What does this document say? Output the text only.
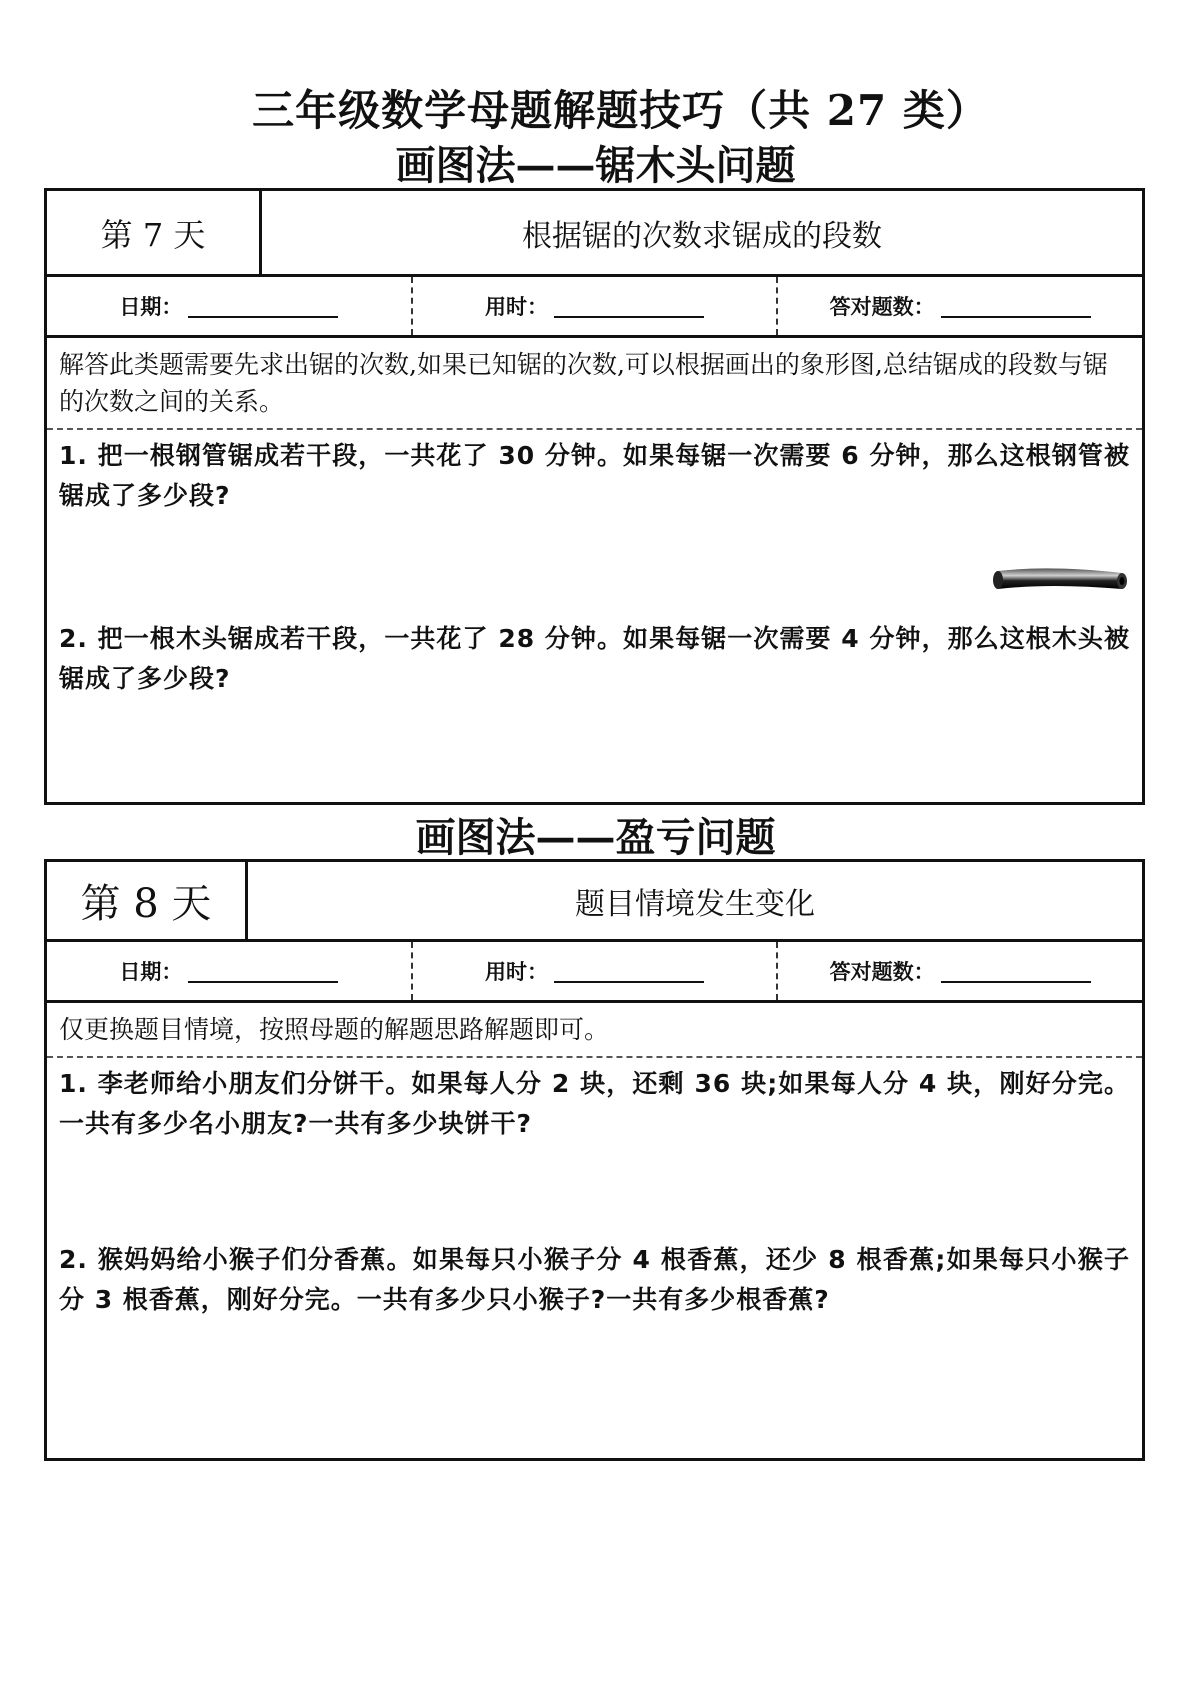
三年级数学母题解题技巧（共 27 类）
画图法——锯木头问题
第 7 天	根据锯的次数求锯成的段数
日期：	用时：	答对题数：
解答此类题需要先求出锯的次数,如果已知锯的次数,可以根据画出的象形图,总结锯成的段数与锯的次数之间的关系。
1. 把一根钢管锯成若干段，一共花了 30 分钟。如果每锯一次需要 6 分钟，那么这根钢管被锯成了多少段?
2. 把一根木头锯成若干段，一共花了 28 分钟。如果每锯一次需要 4 分钟，那么这根木头被锯成了多少段?
画图法——盈亏问题
第 8 天	题目情境发生变化
日期：	用时：	答对题数：
仅更换题目情境，按照母题的解题思路解题即可。
1. 李老师给小朋友们分饼干。如果每人分 2 块，还剩 36 块;如果每人分 4 块，刚好分完。一共有多少名小朋友?一共有多少块饼干?
2. 猴妈妈给小猴子们分香蕉。如果每只小猴子分 4 根香蕉，还少 8 根香蕉;如果每只小猴子分 3 根香蕉，刚好分完。一共有多少只小猴子?一共有多少根香蕉?
